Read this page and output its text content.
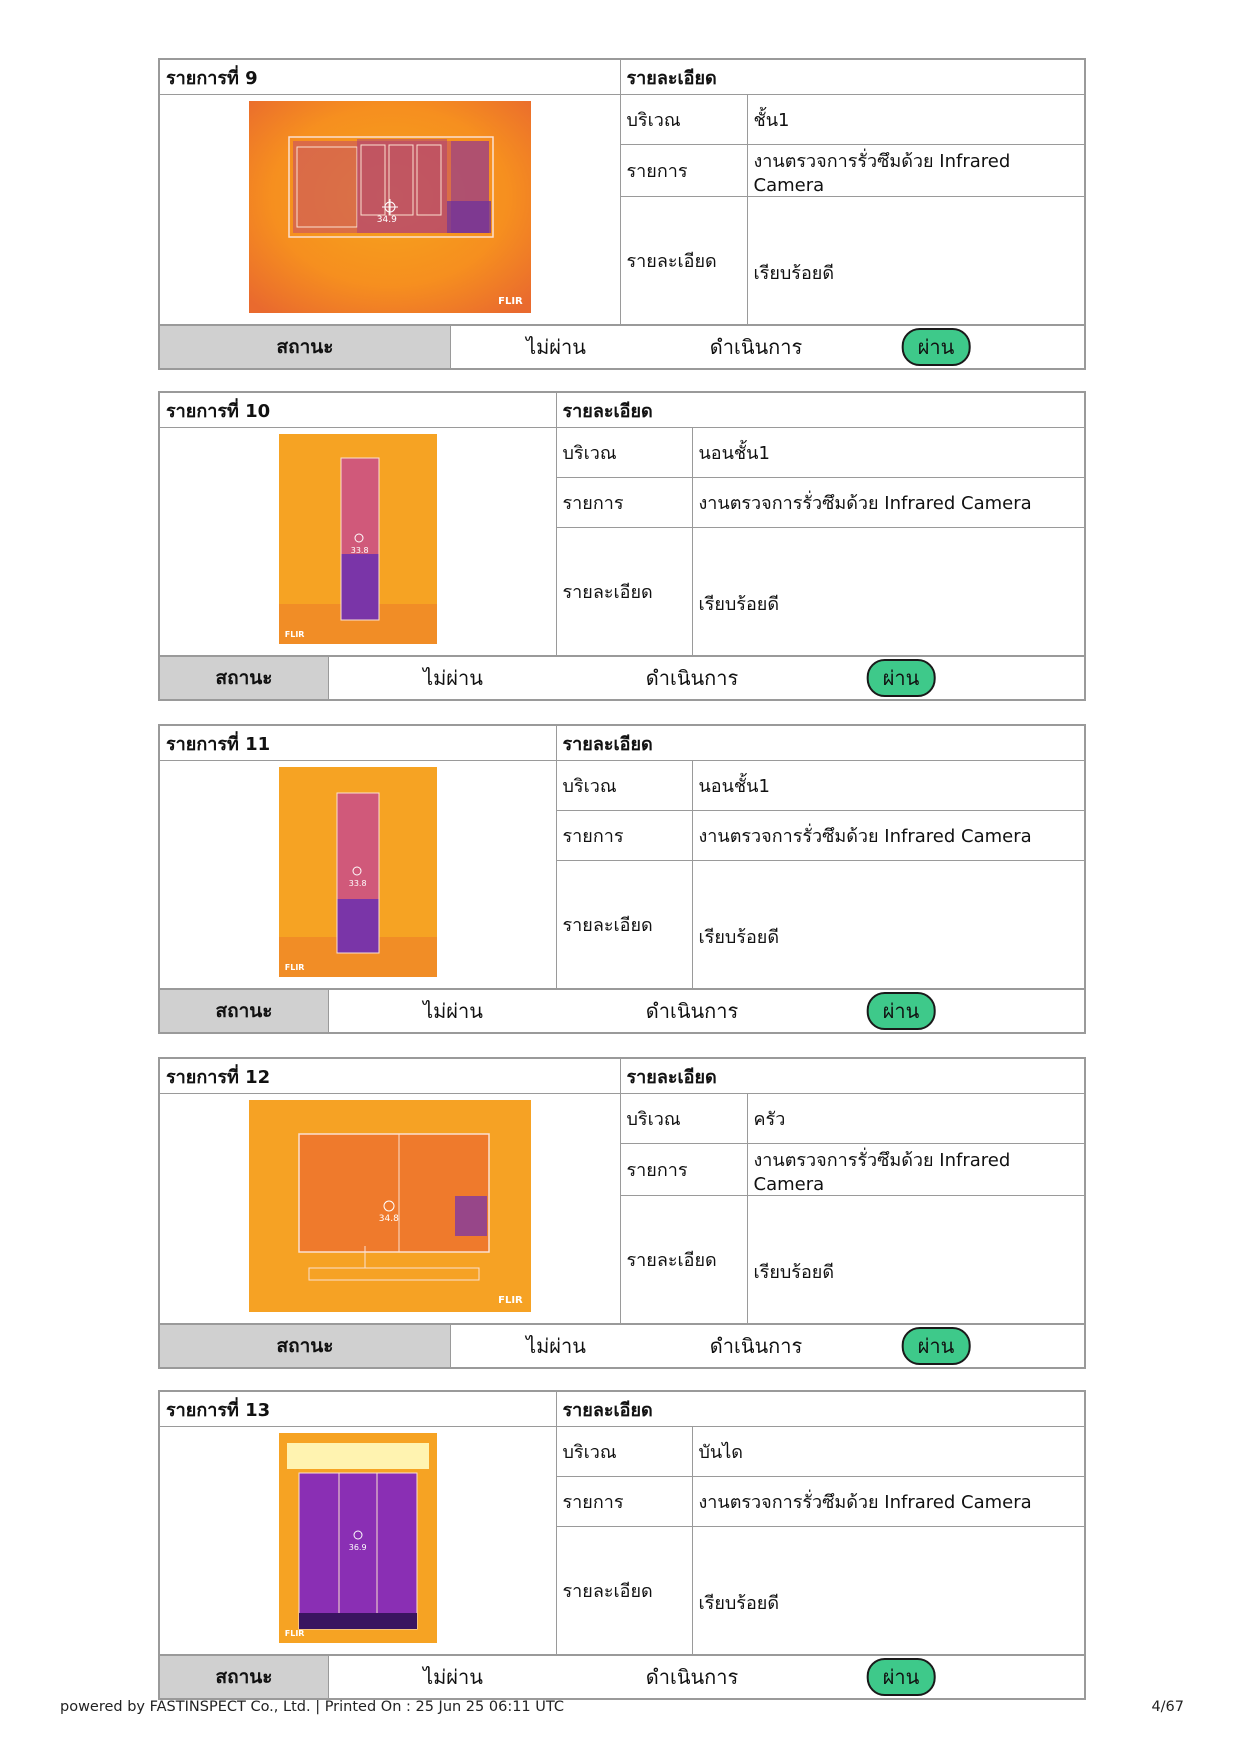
รายการที่ 9	รายละเอียด	

34.9
FLIR	บริเวณ	ชั้น1
	รายการ	งานตรวจการรั่วซึมด้วย Infrared Camera
	รายละเอียด	เรียบร้อยดี
สถานะ	ไม่ผ่าน	ดำเนินการ	ผ่าน
รายการที่ 10	รายละเอียด	

33.8
FLIR	บริเวณ	นอนชั้น1
	รายการ	งานตรวจการรั่วซึมด้วย Infrared Camera
	รายละเอียด	เรียบร้อยดี
สถานะ	ไม่ผ่าน	ดำเนินการ	ผ่าน
รายการที่ 11	รายละเอียด	

33.8
FLIR	บริเวณ	นอนชั้น1
	รายการ	งานตรวจการรั่วซึมด้วย Infrared Camera
	รายละเอียด	เรียบร้อยดี
สถานะ	ไม่ผ่าน	ดำเนินการ	ผ่าน
รายการที่ 12	รายละเอียด	

34.8
FLIR	บริเวณ	ครัว
	รายการ	งานตรวจการรั่วซึมด้วย Infrared Camera
	รายละเอียด	เรียบร้อยดี
สถานะ	ไม่ผ่าน	ดำเนินการ	ผ่าน
รายการที่ 13	รายละเอียด	

36.9
FLIR	บริเวณ	บันได
	รายการ	งานตรวจการรั่วซึมด้วย Infrared Camera
	รายละเอียด	เรียบร้อยดี
สถานะ	ไม่ผ่าน	ดำเนินการ	ผ่าน
powered by FASTINSPECT Co., Ltd. | Printed On : 25 Jun 25 06:11 UTC	4/67
